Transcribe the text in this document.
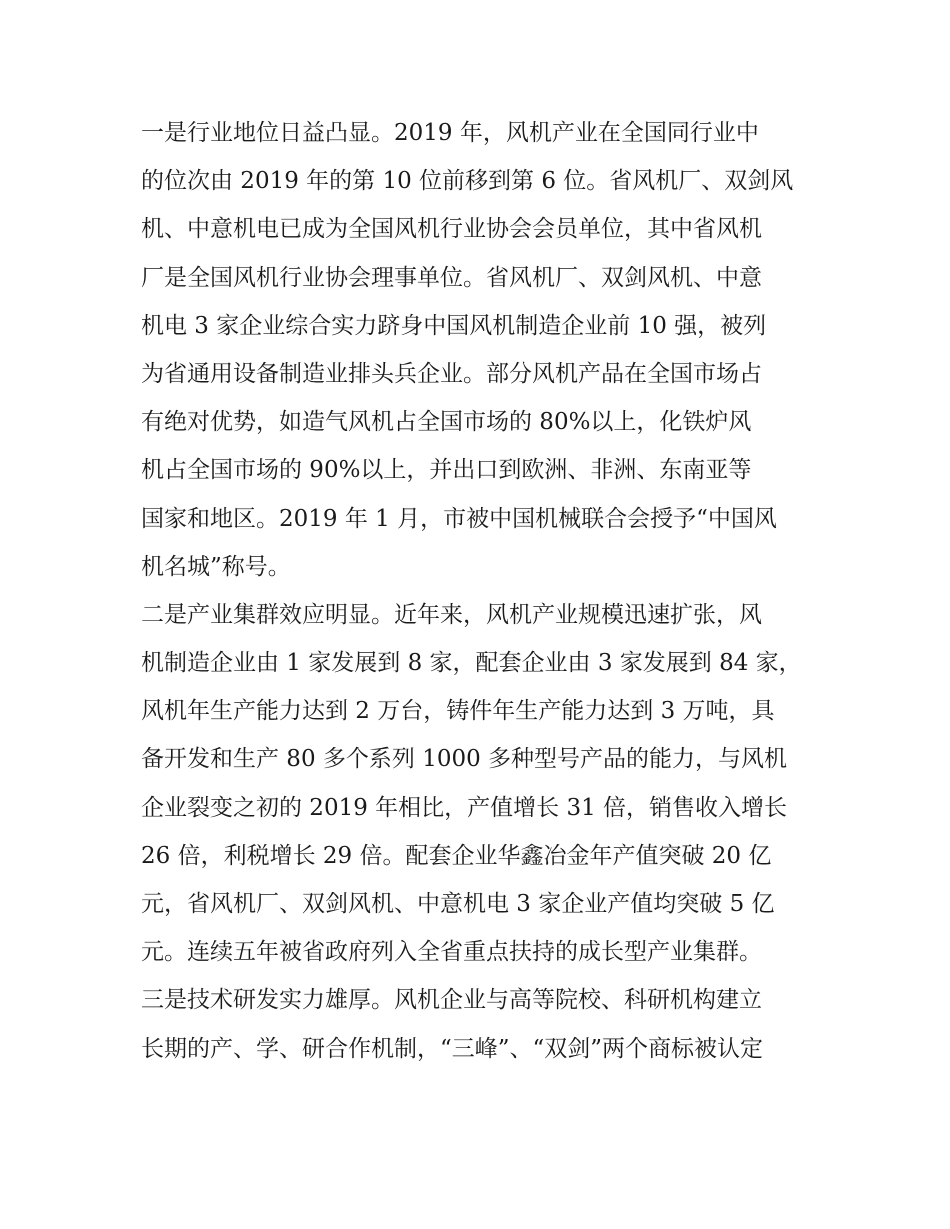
一是行业地位日益凸显。2019 年，风机产业在全国同行业中
的位次由 2019 年的第 10 位前移到第 6 位。省风机厂、双剑风
机、中意机电已成为全国风机行业协会会员单位，其中省风机
厂是全国风机行业协会理事单位。省风机厂、双剑风机、中意
机电 3 家企业综合实力跻身中国风机制造企业前 10 强，被列
为省通用设备制造业排头兵企业。部分风机产品在全国市场占
有绝对优势，如造气风机占全国市场的 80%以上，化铁炉风
机占全国市场的 90%以上，并出口到欧洲、非洲、东南亚等
国家和地区。2019 年 1 月，市被中国机械联合会授予“中国风
机名城”称号。
二是产业集群效应明显。近年来，风机产业规模迅速扩张，风
机制造企业由 1 家发展到 8 家，配套企业由 3 家发展到 84 家，
风机年生产能力达到 2 万台，铸件年生产能力达到 3 万吨，具
备开发和生产 80 多个系列 1000 多种型号产品的能力，与风机
企业裂变之初的 2019 年相比，产值增长 31 倍，销售收入增长
26 倍，利税增长 29 倍。配套企业华鑫冶金年产值突破 20 亿
元，省风机厂、双剑风机、中意机电 3 家企业产值均突破 5 亿
元。连续五年被省政府列入全省重点扶持的成长型产业集群。
三是技术研发实力雄厚。风机企业与高等院校、科研机构建立
长期的产、学、研合作机制，“三峰”、“双剑”两个商标被认定
